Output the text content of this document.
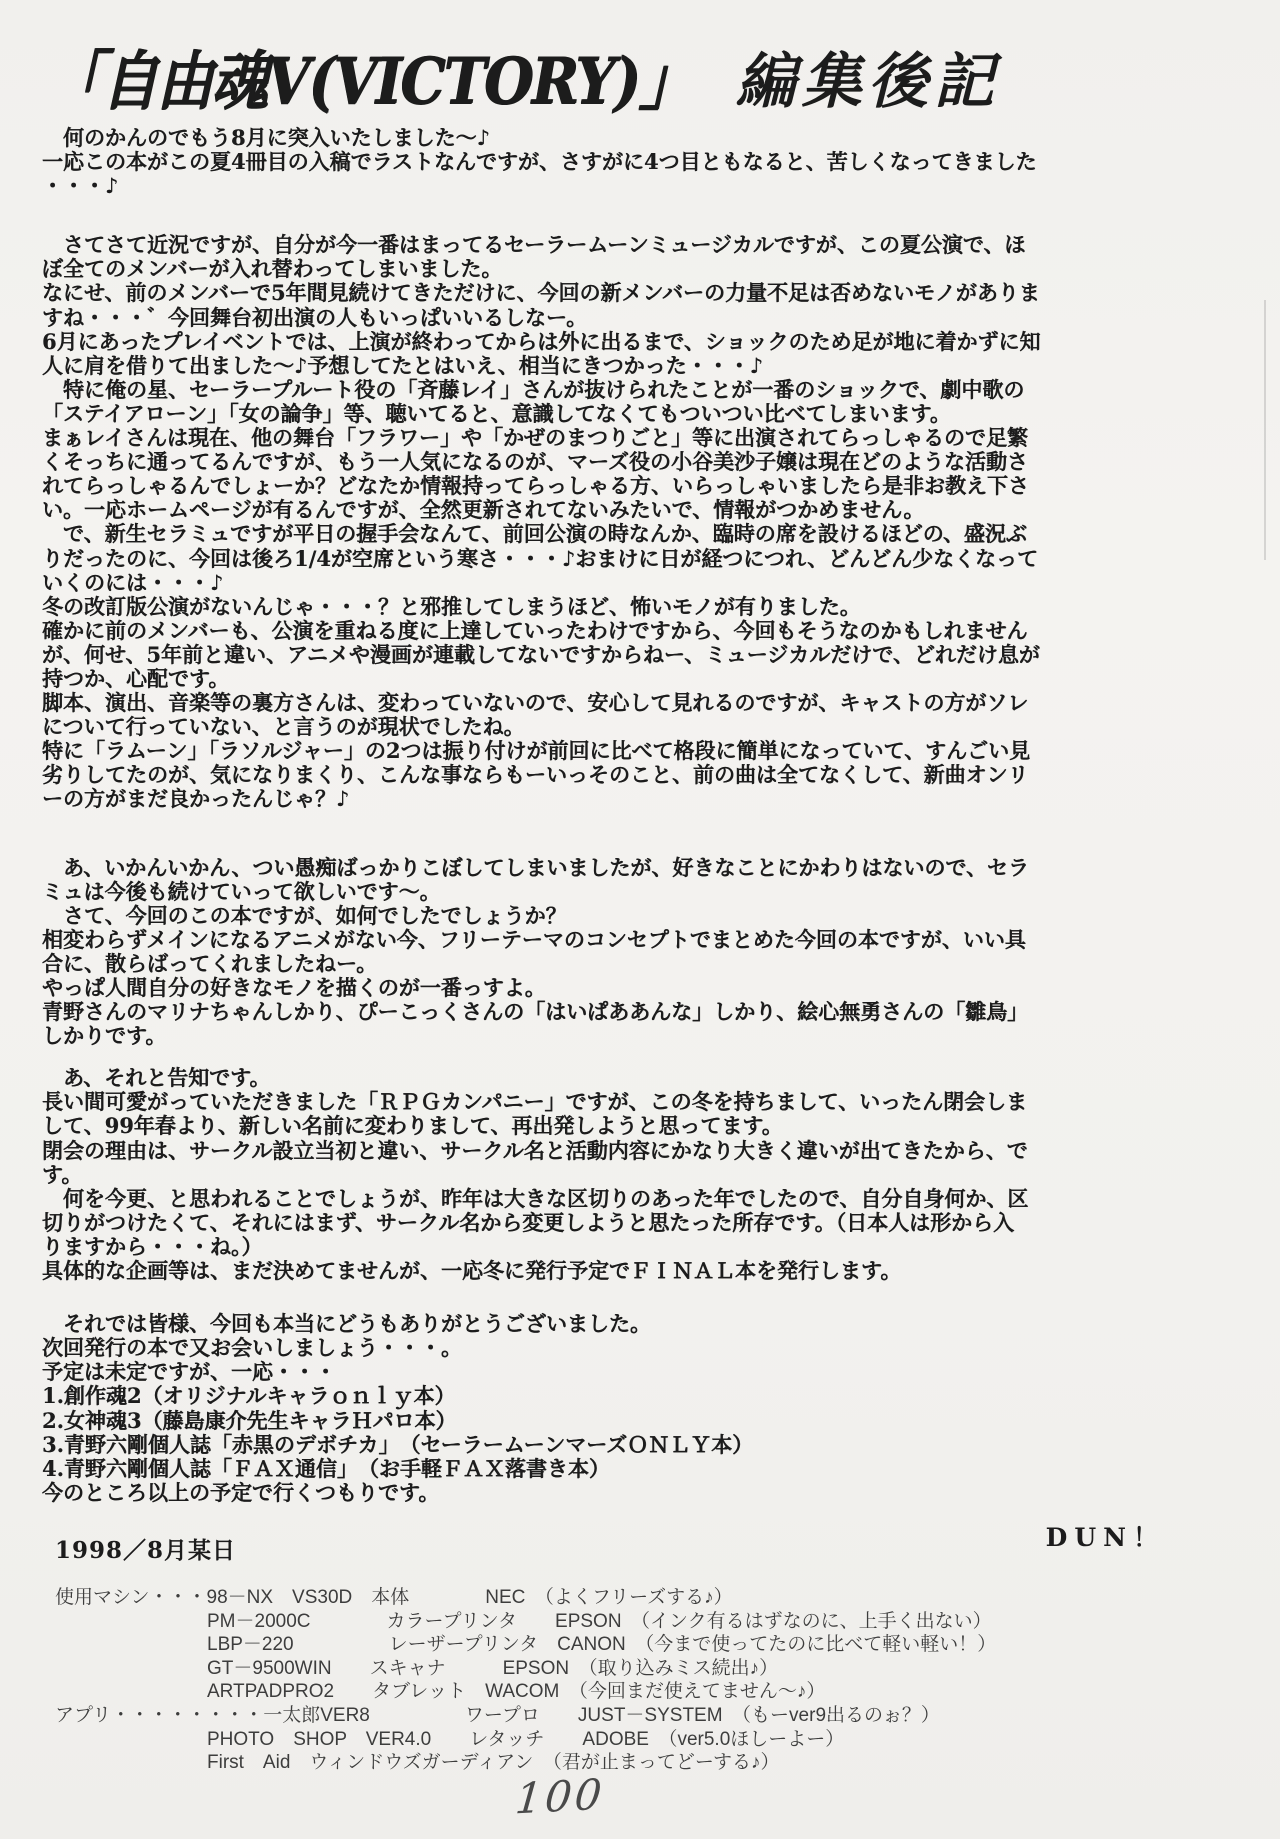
「自由魂V(VICTORY)」 編集後記
　何のかんのでもう8月に突入いたしました～♪
一応この本がこの夏4冊目の入稿でラストなんですが、さすがに4つ目ともなると、苦しくなってきました
・・・♪
　さてさて近況ですが、自分が今一番はまってるセーラームーンミュージカルですが、この夏公演で、ほ
ぼ全てのメンバーが入れ替わってしまいました。
なにせ、前のメンバーで5年間見続けてきただけに、今回の新メンバーの力量不足は否めないモノがありま
すね・・・゛今回舞台初出演の人もいっぱいいるしなー。
6月にあったプレイベントでは、上演が終わってからは外に出るまで、ショックのため足が地に着かずに知
人に肩を借りて出ました～♪予想してたとはいえ、相当にきつかった・・・♪
　特に俺の星、セーラープルート役の「斉藤レイ」さんが抜けられたことが一番のショックで、劇中歌の
「ステイアローン」「女の論争」等、聴いてると、意識してなくてもついつい比べてしまいます。
まぁレイさんは現在、他の舞台「フラワー」や「かぜのまつりごと」等に出演されてらっしゃるので足繁
くそっちに通ってるんですが、もう一人気になるのが、マーズ役の小谷美沙子嬢は現在どのような活動さ
れてらっしゃるんでしょーか？どなたか情報持ってらっしゃる方、いらっしゃいましたら是非お教え下さ
い。一応ホームページが有るんですが、全然更新されてないみたいで、情報がつかめません。
　で、新生セラミュですが平日の握手会なんて、前回公演の時なんか、臨時の席を設けるほどの、盛況ぶ
りだったのに、今回は後ろ1/4が空席という寒さ・・・♪おまけに日が経つにつれ、どんどん少なくなって
いくのには・・・♪
冬の改訂版公演がないんじゃ・・・？と邪推してしまうほど、怖いモノが有りました。
確かに前のメンバーも、公演を重ねる度に上達していったわけですから、今回もそうなのかもしれません
が、何せ、5年前と違い、アニメや漫画が連載してないですからねー、ミュージカルだけで、どれだけ息が
持つか、心配です。
脚本、演出、音楽等の裏方さんは、変わっていないので、安心して見れるのですが、キャストの方がソレ
について行っていない、と言うのが現状でしたね。
特に「ラムーン」「ラソルジャー」の2つは振り付けが前回に比べて格段に簡単になっていて、すんごい見
劣りしてたのが、気になりまくり、こんな事ならもーいっそのこと、前の曲は全てなくして、新曲オンリ
ーの方がまだ良かったんじゃ？♪
　あ、いかんいかん、つい愚痴ばっかりこぼしてしまいましたが、好きなことにかわりはないので、セラ
ミュは今後も続けていって欲しいです～。
　さて、今回のこの本ですが、如何でしたでしょうか？
相変わらずメインになるアニメがない今、フリーテーマのコンセプトでまとめた今回の本ですが、いい具
合に、散らばってくれましたねー。
やっぱ人間自分の好きなモノを描くのが一番っすよ。
青野さんのマリナちゃんしかり、ぴーこっくさんの「はいぱああんな」しかり、絵心無勇さんの「雛鳥」
しかりです。
　あ、それと告知です。
長い間可愛がっていただきました「ＲＰＧカンパニー」ですが、この冬を持ちまして、いったん閉会しま
して、99年春より、新しい名前に変わりまして、再出発しようと思ってます。
閉会の理由は、サークル設立当初と違い、サークル名と活動内容にかなり大きく違いが出てきたから、で
す。
　何を今更、と思われることでしょうが、昨年は大きな区切りのあった年でしたので、自分自身何か、区
切りがつけたくて、それにはまず、サークル名から変更しようと思たった所存です。（日本人は形から入
りますから・・・ね。）
具体的な企画等は、まだ決めてませんが、一応冬に発行予定でＦＩＮＡＬ本を発行します。
　それでは皆様、今回も本当にどうもありがとうございました。
次回発行の本で又お会いしましょう・・・。
予定は未定ですが、一応・・・
1.創作魂2（オリジナルキャラｏｎｌｙ本）
2.女神魂3（藤島康介先生キャラＨパロ本）
3.青野六剛個人誌「赤黒のデボチカ」　（セーラームーンマーズＯＮＬＹ本）
4.青野六剛個人誌「ＦＡＸ通信」　（お手軽ＦＡＸ落書き本）
今のところ以上の予定で行くつもりです。
1998／8月某日	DUN！
使用マシン・・・98－NX　VS30D　本体　　　　NEC　（よくフリーズする♪）
　　　　　　　　PM－2000C　　　　カラープリンタ　　EPSON　（インク有るはずなのに、上手く出ない）
　　　　　　　　LBP－220　　　　　レーザープリンタ　CANON　（今まで使ってたのに比べて軽い軽い！）
　　　　　　　　GT－9500WIN　　スキャナ　　　EPSON　（取り込みミス続出♪）
　　　　　　　　ARTPADPRO2　　タブレット　WACOM　（今回まだ使えてません～♪）
アプリ・・・・・・・・一太郎VER8　　　　　ワープロ　　JUST－SYSTEM　（もーver9出るのぉ？）
　　　　　　　　PHOTO　SHOP　VER4.0　　レタッチ　　ADOBE　（ver5.0ほしーよー）
　　　　　　　　First　Aid　ウィンドウズガーディアン　（君が止まってどーする♪）
100
